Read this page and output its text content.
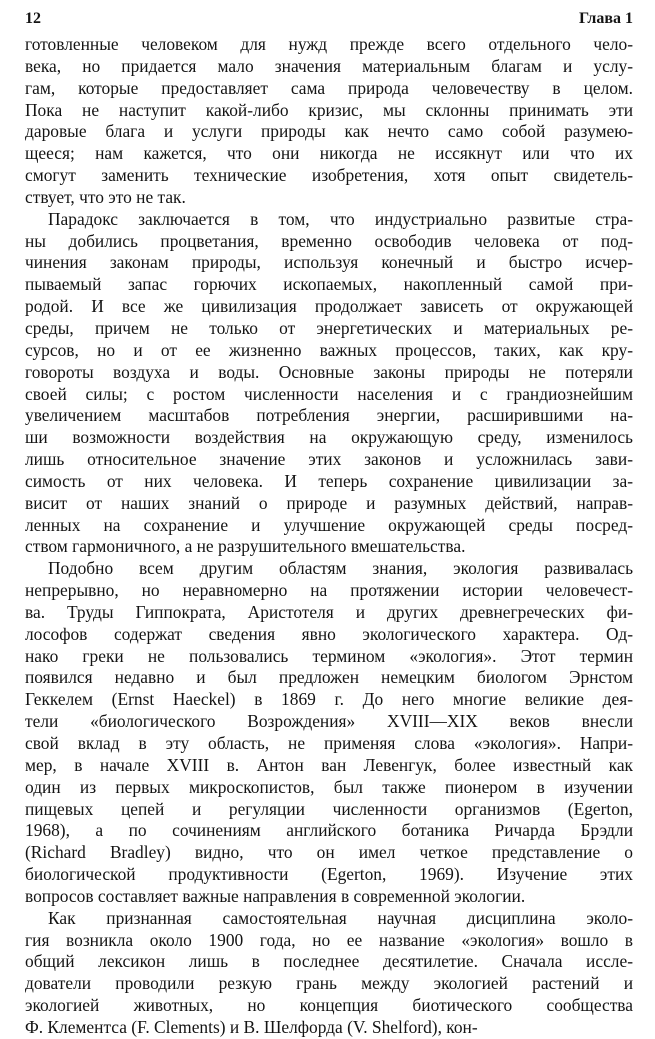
12	Глава 1
готовленные человеком для нужд прежде всего отдельного чело-
века, но придается мало значения материальным благам и услу-
гам, которые предоставляет сама природа человечеству в целом.
Пока не наступит какой-либо кризис, мы склонны принимать эти
даровые блага и услуги природы как нечто само собой разумею-
щееся; нам кажется, что они никогда не иссякнут или что их
смогут заменить технические изобретения, хотя опыт свидетель-
ствует, что это не так.
Парадокс заключается в том, что индустриально развитые стра-
ны добились процветания, временно освободив человека от под-
чинения законам природы, используя конечный и быстро исчер-
пываемый запас горючих ископаемых, накопленный самой при-
родой. И все же цивилизация продолжает зависеть от окружающей
среды, причем не только от энергетических и материальных ре-
сурсов, но и от ее жизненно важных процессов, таких, как кру-
говороты воздуха и воды. Основные законы природы не потеряли
своей силы; с ростом численности населения и с грандиознейшим
увеличением масштабов потребления энергии, расширившими на-
ши возможности воздействия на окружающую среду, изменилось
лишь относительное значение этих законов и усложнилась зави-
симость от них человека. И теперь сохранение цивилизации за-
висит от наших знаний о природе и разумных действий, направ-
ленных на сохранение и улучшение окружающей среды посред-
ством гармоничного, а не разрушительного вмешательства.
Подобно всем другим областям знания, экология развивалась
непрерывно, но неравномерно на протяжении истории человечест-
ва. Труды Гиппократа, Аристотеля и других древнегреческих фи-
лософов содержат сведения явно экологического характера. Од-
нако греки не пользовались термином «экология». Этот термин
появился недавно и был предложен немецким биологом Эрнстом
Геккелем (Ernst Haeckel) в 1869 г. До него многие великие дея-
тели «биологического Возрождения» XVIII—XIX веков внесли
свой вклад в эту область, не применяя слова «экология». Напри-
мер, в начале XVIII в. Антон ван Левенгук, более известный как
один из первых микроскопистов, был также пионером в изучении
пищевых цепей и регуляции численности организмов (Egerton,
1968), а по сочинениям английского ботаника Ричарда Брэдли
(Richard Bradley) видно, что он имел четкое представление о
биологической продуктивности (Egerton, 1969). Изучение этих
вопросов составляет важные направления в современной экологии.
Как признанная самостоятельная научная дисциплина эколо-
гия возникла около 1900 года, но ее название «экология» вошло в
общий лексикон лишь в последнее десятилетие. Сначала иссле-
дователи проводили резкую грань между экологией растений и
экологией животных, но концепция биотического сообщества
Ф. Клементса (F. Clements) и В. Шелфорда (V. Shelford), кон-
